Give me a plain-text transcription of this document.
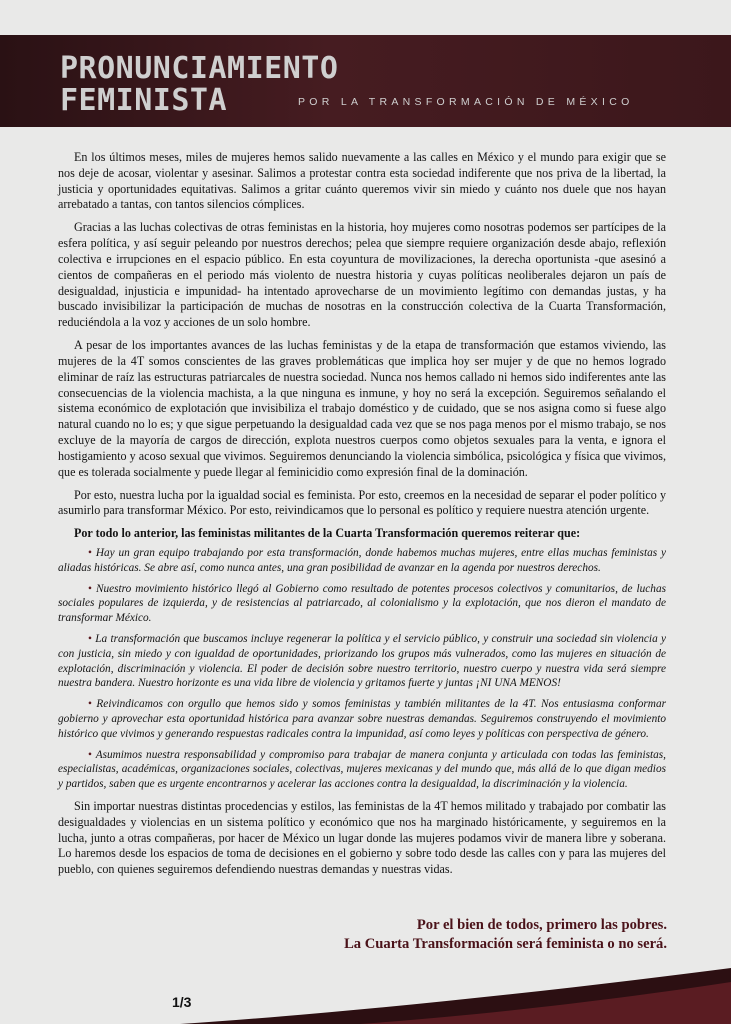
PRONUNCIAMIENTO
FEMINISTA	POR LA TRANSFORMACIÓN DE MÉXICO

En los últimos meses, miles de mujeres hemos salido nuevamente a las calles en México y el mundo para exigir que se nos deje de acosar, violentar y asesinar. Salimos a protestar contra esta sociedad indiferente que nos priva de la libertad, la justicia y oportunidades equitativas. Salimos a gritar cuánto queremos vivir sin miedo y cuánto nos duele que nos hayan arrebatado a tantas, con tantos silencios cómplices.

Gracias a las luchas colectivas de otras feministas en la historia, hoy mujeres como nosotras podemos ser partícipes de la esfera política, y así seguir peleando por nuestros derechos; pelea que siempre requiere organización desde abajo, reflexión colectiva e irrupciones en el espacio público. En esta coyuntura de movilizaciones, la derecha oportunista -que asesinó a cientos de compañeras en el periodo más violento de nuestra historia y cuyas políticas neoliberales dejaron un país de desigualdad, injusticia e impunidad- ha intentado aprovecharse de un movimiento legítimo con demandas justas, y ha buscado invisibilizar la participación de muchas de nosotras en la construcción colectiva de la Cuarta Transformación, reduciéndola a la voz y acciones de un solo hombre.

A pesar de los importantes avances de las luchas feministas y de la etapa de transformación que estamos viviendo, las mujeres de la 4T somos conscientes de las graves problemáticas que implica hoy ser mujer y de que no hemos logrado eliminar de raíz las estructuras patriarcales de nuestra sociedad. Nunca nos hemos callado ni hemos sido indiferentes ante las consecuencias de la violencia machista, a la que ninguna es inmune, y hoy no será la excepción. Seguiremos señalando el sistema económico de explotación que invisibiliza el trabajo doméstico y de cuidado, que se nos asigna como si fuese algo natural cuando no lo es; y que sigue perpetuando la desigualdad cada vez que se nos paga menos por el mismo trabajo, se nos excluye de la mayoría de cargos de dirección, explota nuestros cuerpos como objetos sexuales para la venta, e ignora el hostigamiento y acoso sexual que vivimos. Seguiremos denunciando la violencia simbólica, psicológica y física que vivimos, que es tolerada socialmente y puede llegar al feminicidio como expresión final de la dominación.

Por esto, nuestra lucha por la igualdad social es feminista. Por esto, creemos en la necesidad de separar el poder político y asumirlo para transformar México. Por esto, reivindicamos que lo personal es político y requiere nuestra atención urgente.

Por todo lo anterior, las feministas militantes de la Cuarta Transformación queremos reiterar que:

• Hay un gran equipo trabajando por esta transformación, donde habemos muchas mujeres, entre ellas muchas feministas y aliadas históricas. Se abre así, como nunca antes, una gran posibilidad de avanzar en la agenda por nuestros derechos.
• Nuestro movimiento histórico llegó al Gobierno como resultado de potentes procesos colectivos y comunitarios, de luchas sociales populares de izquierda, y de resistencias al patriarcado, al colonialismo y la explotación, que nos dieron el mandato de transformar México.
• La transformación que buscamos incluye regenerar la política y el servicio público, y construir una sociedad sin violencia y con justicia, sin miedo y con igualdad de oportunidades, priorizando los grupos más vulnerados, como las mujeres en situación de explotación, discriminación y violencia. El poder de decisión sobre nuestro territorio, nuestro cuerpo y nuestra vida será siempre nuestra bandera. Nuestro horizonte es una vida libre de violencia y gritamos fuerte y juntas ¡NI UNA MENOS!
• Reivindicamos con orgullo que hemos sido y somos feministas y también militantes de la 4T. Nos entusiasma conformar gobierno y aprovechar esta oportunidad histórica para avanzar sobre nuestras demandas. Seguiremos construyendo el movimiento histórico que vivimos y generando respuestas radicales contra la impunidad, así como leyes y políticas con perspectiva de género.
• Asumimos nuestra responsabilidad y compromiso para trabajar de manera conjunta y articulada con todas las feministas, especialistas, académicas, organizaciones sociales, colectivas, mujeres mexicanas y del mundo que, más allá de lo que digan medios y partidos, saben que es urgente encontrarnos y acelerar las acciones contra la desigualdad, la discriminación y la violencia.

Sin importar nuestras distintas procedencias y estilos, las feministas de la 4T hemos militado y trabajado por combatir las desigualdades y violencias en un sistema político y económico que nos ha marginado históricamente, y seguiremos en la lucha, junto a otras compañeras, por hacer de México un lugar donde las mujeres podamos vivir de manera libre y soberana. Lo haremos desde los espacios de toma de decisiones en el gobierno y sobre todo desde las calles con y para las mujeres del pueblo, con quienes seguiremos defendiendo nuestras demandas y nuestras vidas.

Por el bien de todos, primero las pobres.
La Cuarta Transformación será feminista o no será.
1/3
